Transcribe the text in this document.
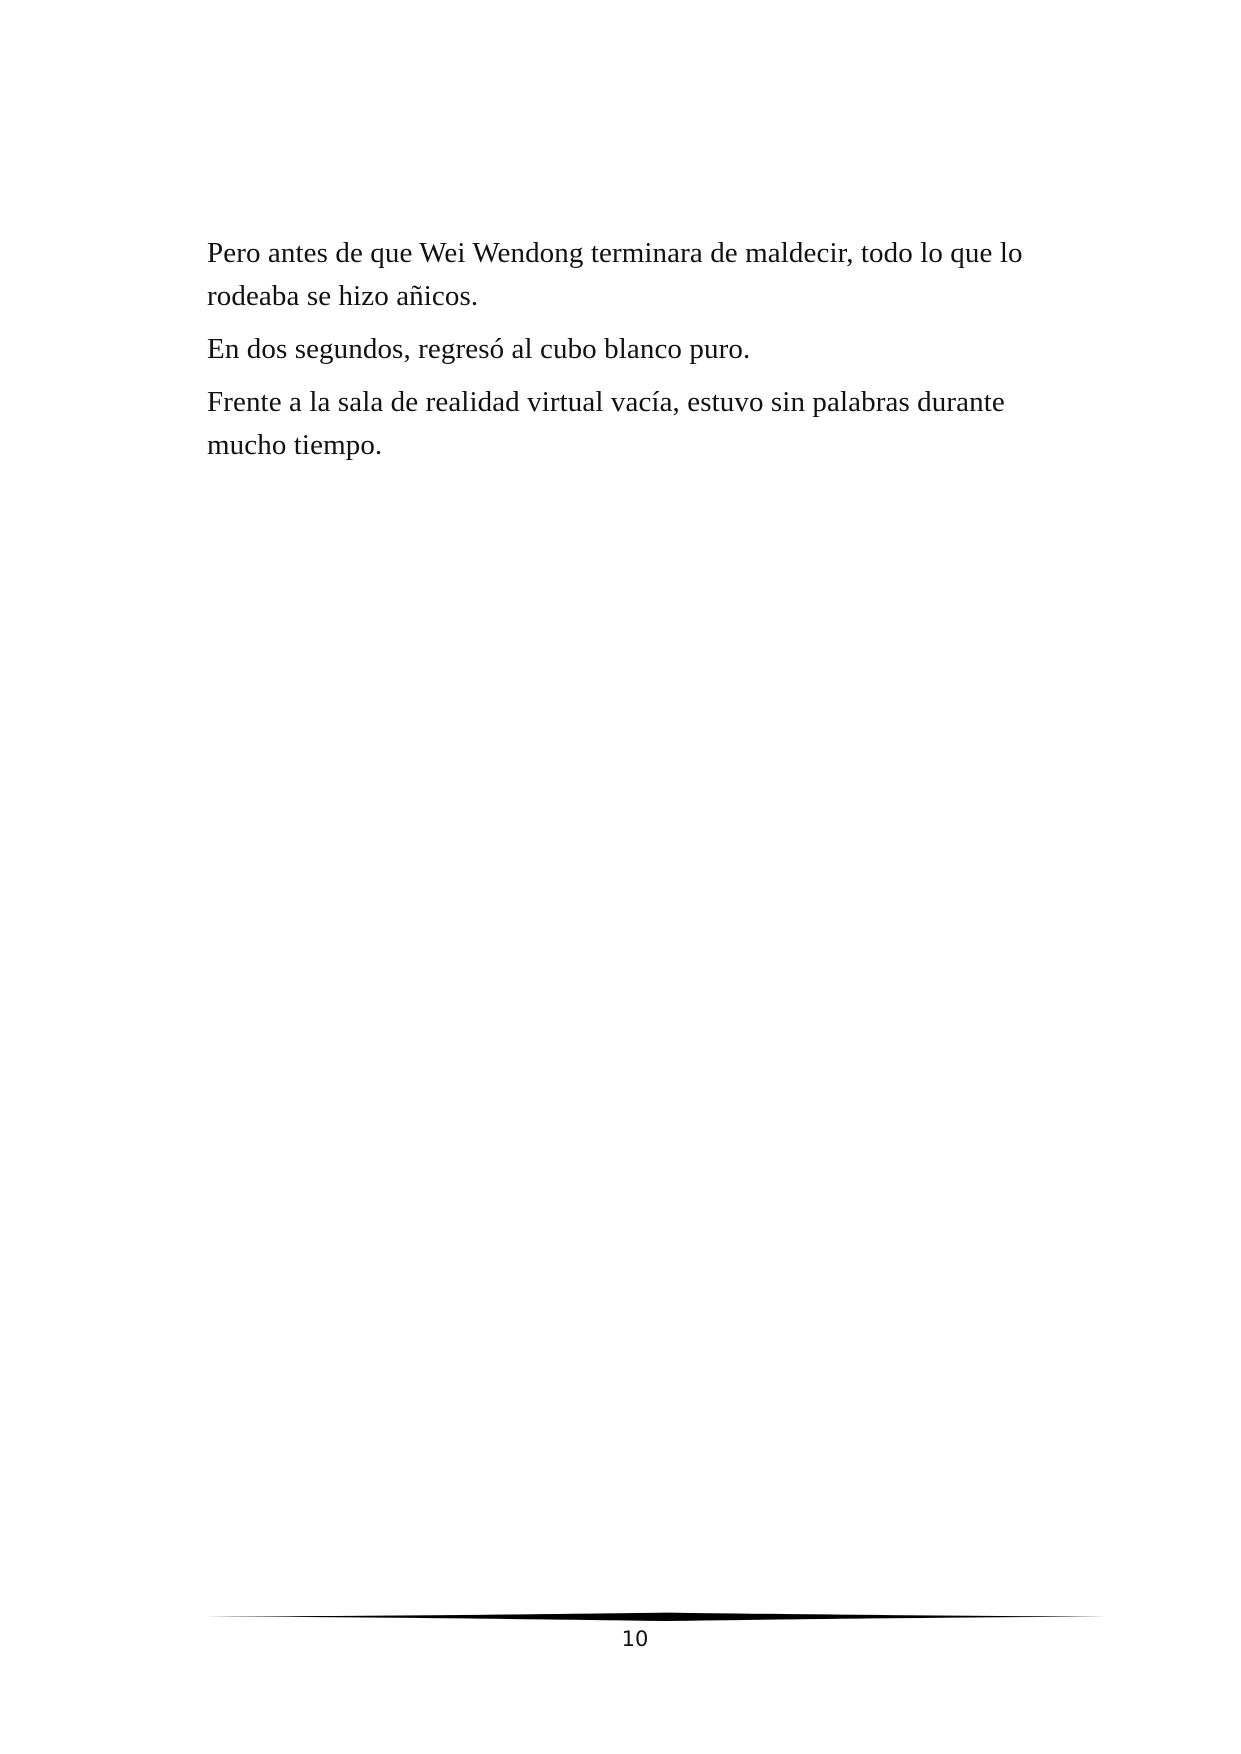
Pero antes de que Wei Wendong terminara de maldecir, todo lo que lo rodeaba se hizo añicos.

En dos segundos, regresó al cubo blanco puro.

Frente a la sala de realidad virtual vacía, estuvo sin palabras durante mucho tiempo.

10
